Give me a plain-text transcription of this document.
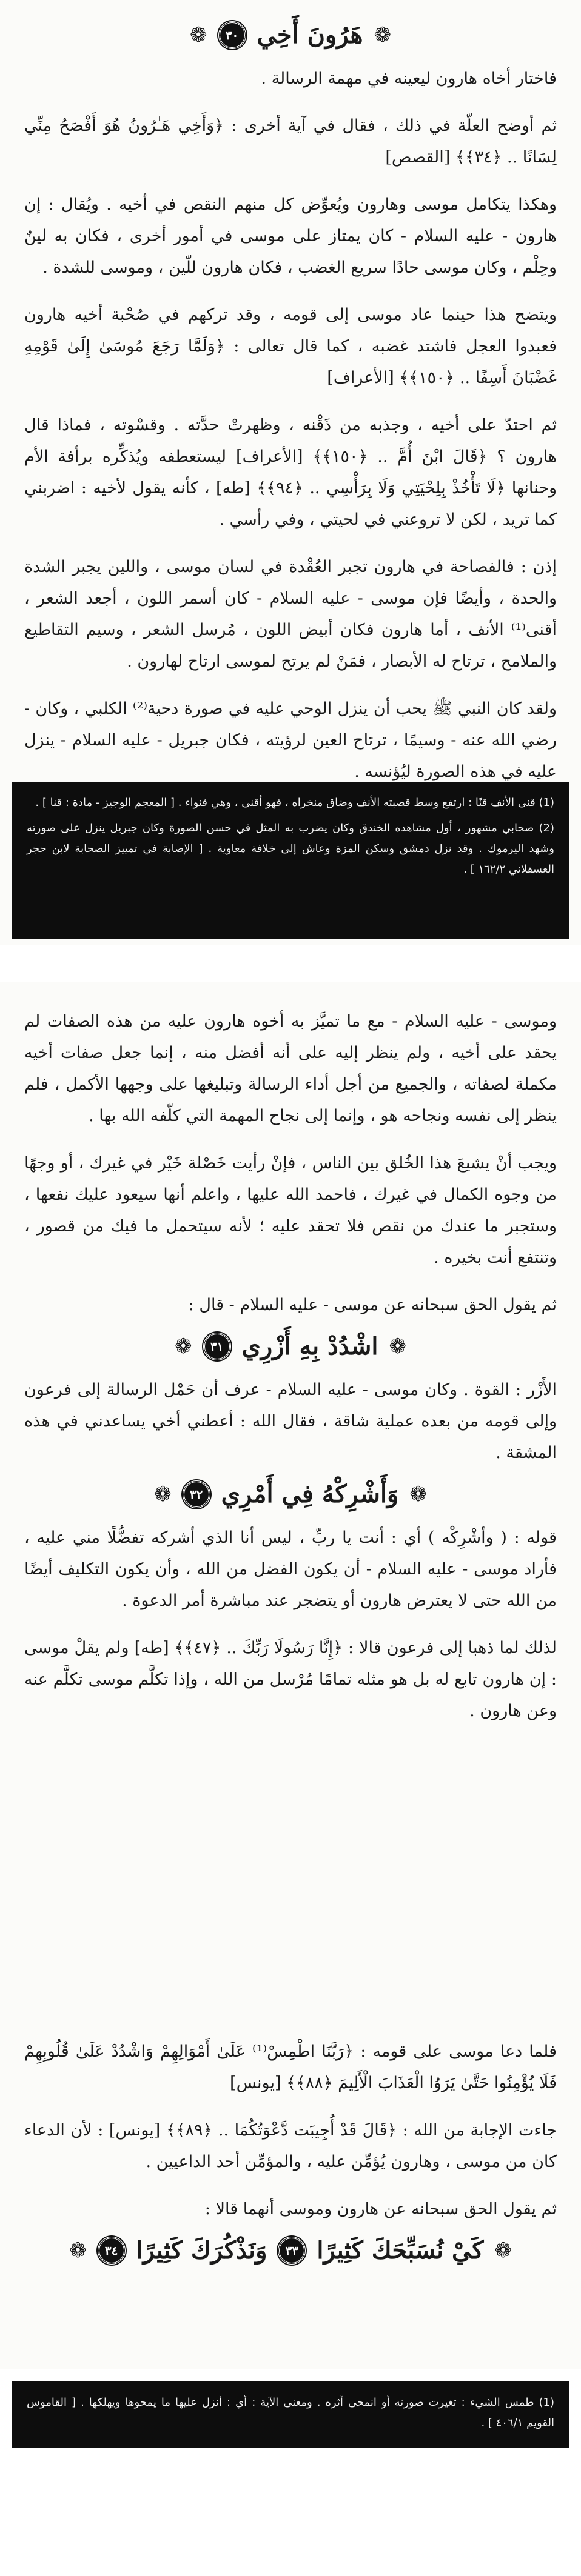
❁
هَرُونَ أَخِي
٣٠
❁

فاختار أخاه هارون ليعينه في مهمة الرسالة .

ثم أوضح العلّة في ذلك ، فقال في آية أخرى : ﴿وَأَخِي هَـٰرُونُ هُوَ أَفْصَحُ مِنِّي لِسَانًا .. ﴿٣٤﴾﴾ [القصص]

وهكذا يتكامل موسى وهارون ويُعوِّض كل منهم النقص في أخيه . ويُقال : إن هارون - عليه السلام - كان يمتاز على موسى في أمور أخرى ، فكان به لينٌ وحِلْم ، وكان موسى حادًا سريع الغضب ، فكان هارون للّين ، وموسى للشدة .

ويتضح هذا حينما عاد موسى إلى قومه ، وقد تركهم في صُحْبة أخيه هارون فعبدوا العجل فاشتد غضبه ، كما قال تعالى : ﴿وَلَمَّا رَجَعَ مُوسَىٰ إِلَىٰ قَوْمِهِ غَضْبَانَ أَسِفًا .. ﴿١٥٠﴾﴾ [الأعراف]

ثم احتدّ على أخيه ، وجذبه من ذَقْنه ، وظهرتْ حدَّته . وقسْوته ، فماذا قال هارون ؟ ﴿قَالَ ابْنَ أُمَّ .. ﴿١٥٠﴾﴾ [الأعراف] ليستعطفه ويُذكِّره برأفة الأم وحنانها ﴿لَا تَأْخُذْ بِلِحْيَتِي وَلَا بِرَأْسِي .. ﴿٩٤﴾﴾ [طه] ، كأنه يقول لأخيه : اضربني كما تريد ، لكن لا تروعني في لحيتي ، وفي رأسي .

إذن : فالفصاحة في هارون تجبر العُقْدة في لسان موسى ، واللين يجبر الشدة والحدة ، وأيضًا فإن موسى - عليه السلام - كان أسمر اللون ، أجعد الشعر ، أقنى⁽¹⁾ الأنف ، أما هارون فكان أبيض اللون ، مُرسل الشعر ، وسيم التقاطيع والملامح ، ترتاح له الأبصار ، فمَنْ لم يرتح لموسى ارتاح لهارون .

ولقد كان النبي ﷺ يحب أن ينزل الوحي عليه في صورة دحية⁽²⁾ الكلبي ، وكان - رضي الله عنه - وسيمًا ، ترتاح العين لرؤيته ، فكان جبريل - عليه السلام - ينزل عليه في هذه الصورة ليُؤنسه .

(1) قنى الأنف قنًا : ارتفع وسط قصبته الأنف وضاق منخراه ، فهو أقنى ، وهي قنواء . [ المعجم الوجيز - مادة : قنا ] .

(2) صحابي مشهور ، أول مشاهده الخندق وكان يضرب به المثل في حسن الصورة وكان جبريل ينزل على صورته وشهد اليرموك . وقد نزل دمشق وسكن المزة وعاش إلى خلافة معاوية . [ الإصابة في تمييز الصحابة لابن حجر العسقلاني ١٦٢/٢ ] .

وموسى - عليه السلام - مع ما تميَّز به أخوه هارون عليه من هذه الصفات لم يحقد على أخيه ، ولم ينظر إليه على أنه أفضل منه ، إنما جعل صفات أخيه مكملة لصفاته ، والجميع من أجل أداء الرسالة وتبليغها على وجهها الأكمل ، فلم ينظر إلى نفسه ونجاحه هو ، وإنما إلى نجاح المهمة التي كلّفه الله بها .

ويجب أنْ يشيعَ هذا الخُلق بين الناس ، فإنْ رأيت خَصْلة خَيْر في غيرك ، أو وجهًا من وجوه الكمال في غيرك ، فاحمد الله عليها ، واعلم أنها سيعود عليك نفعها ، وستجبر ما عندك من نقص فلا تحقد عليه ؛ لأنه سيتحمل ما فيك من قصور ، وتنتفع أنت بخيره .

ثم يقول الحق سبحانه عن موسى - عليه السلام - قال :

❁
اشْدُدْ بِهِ أَزْرِي
٣١
❁

الأَزْر : القوة . وكان موسى - عليه السلام - عرف أن حَمْل الرسالة إلى فرعون وإلى قومه من بعده عملية شاقة ، فقال الله : أعطني أخي يساعدني في هذه المشقة .

❁
وَأَشْرِكْهُ فِي أَمْرِي
٣٢
❁

قوله : ( وأشْرِكْه ) أي : أنت يا ربِّ ، ليس أنا الذي أشركه تفضُّلًا مني عليه ، فأراد موسى - عليه السلام - أن يكون الفضل من الله ، وأن يكون التكليف أيضًا من الله حتى لا يعترض هارون أو يتضجر عند مباشرة أمر الدعوة .

لذلك لما ذهبا إلى فرعون قالا : ﴿إِنَّا رَسُولَا رَبِّكَ .. ﴿٤٧﴾﴾ [طه] ولم يقلْ موسى : إن هارون تابع له بل هو مثله تمامًا مُرْسل من الله ، وإذا تكلَّم موسى تكلَّم عنه وعن هارون .

فلما دعا موسى على قومه : ﴿رَبَّنَا اطْمِسْ⁽¹⁾ عَلَىٰ أَمْوَالِهِمْ وَاشْدُدْ عَلَىٰ قُلُوبِهِمْ فَلَا يُؤْمِنُوا حَتَّىٰ يَرَوُا الْعَذَابَ الْأَلِيمَ ﴿٨٨﴾﴾ [يونس]

جاءت الإجابة من الله : ﴿قَالَ قَدْ أُجِيبَت دَّعْوَتُكُمَا .. ﴿٨٩﴾﴾ [يونس] : لأن الدعاء كان من موسى ، وهارون يُؤمِّن عليه ، والمؤمِّن أحد الداعيين .

ثم يقول الحق سبحانه عن هارون وموسى أنهما قالا :

❁
كَيْ نُسَبِّحَكَ كَثِيرًا
٣٣
وَنَذْكُرَكَ كَثِيرًا
٣٤
❁

(1) طمس الشيء : تغيرت صورته أو انمحى أثره . ومعنى الآية : أي : أنزل عليها ما يمحوها ويهلكها . [ القاموس القويم ٤٠٦/١ ] .
